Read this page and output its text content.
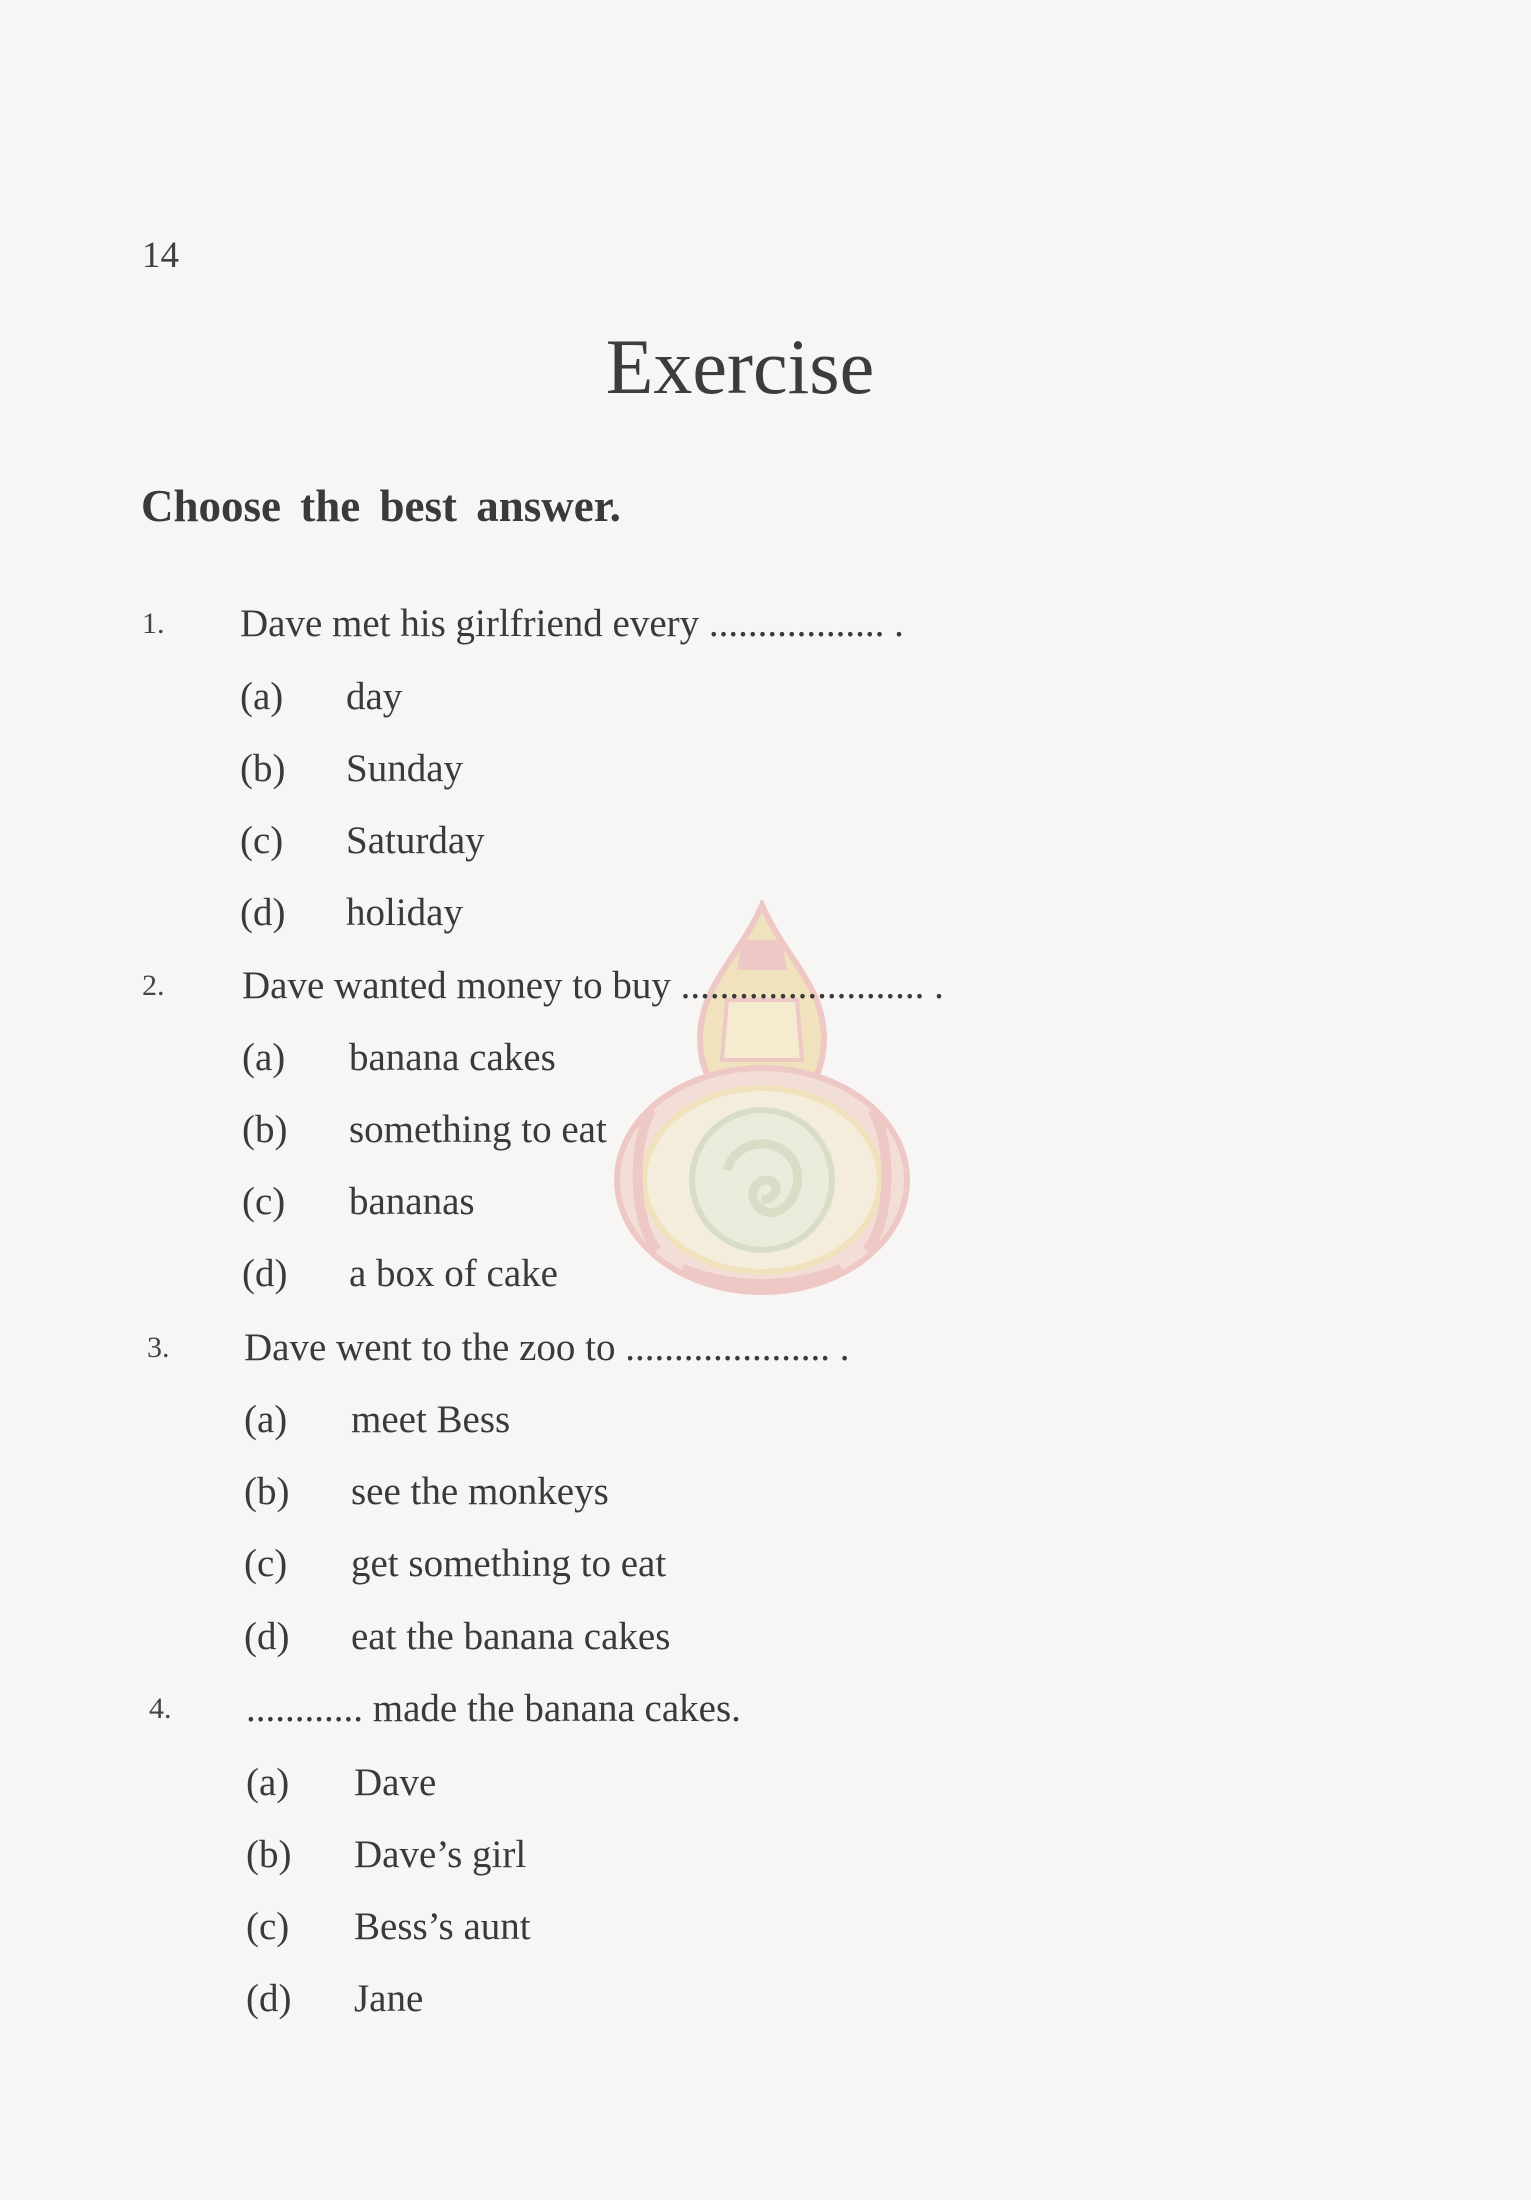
14
Exercise
Choose the best answer.
1.	Dave met his girlfriend every .................. .
(a) day
(b) Sunday
(c) Saturday
(d) holiday
2.	Dave wanted money to buy ......................... .
(a) banana cakes
(b) something to eat
(c) bananas
(d) a box of cake
3.	Dave went to the zoo to ..................... .
(a) meet Bess
(b) see the monkeys
(c) get something to eat
(d) eat the banana cakes
4.	............ made the banana cakes.
(a) Dave
(b) Dave’s girl
(c) Bess’s aunt
(d) Jane
